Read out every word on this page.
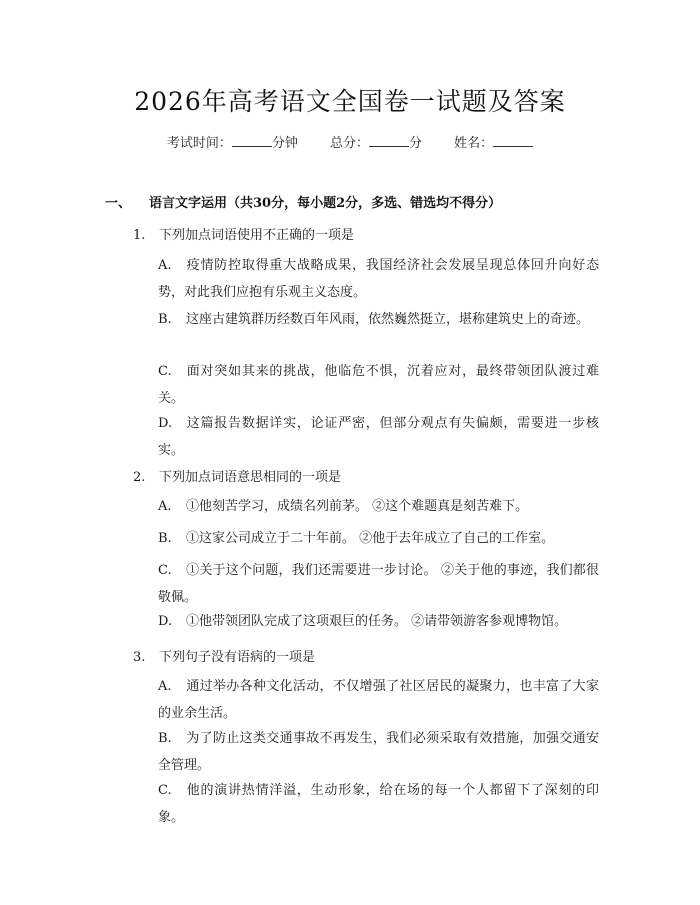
2026年高考语文全国卷一试题及答案
考试时间：	分钟 总分：	分 姓名：
一、 语言文字运用（共30分，每小题2分，多选、错选均不得分）
1. 下列加点词语使用不正确的一项是
A. 疫情防控取得重大战略成果，我国经济社会发展呈现总体回升向好态势，对此我们应抱有乐观主义态度。
B. 这座古建筑群历经数百年风雨，依然巍然挺立，堪称建筑史上的奇迹。
C. 面对突如其来的挑战，他临危不惧，沉着应对，最终带领团队渡过难关。
D. 这篇报告数据详实，论证严密，但部分观点有失偏颇，需要进一步核实。
2. 下列加点词语意思相同的一项是
A. ①他刻苦学习，成绩名列前茅。 ②这个难题真是刻苦难下。
B. ①这家公司成立于二十年前。 ②他于去年成立了自己的工作室。
C. ①关于这个问题，我们还需要进一步讨论。 ②关于他的事迹，我们都很敬佩。
D. ①他带领团队完成了这项艰巨的任务。 ②请带领游客参观博物馆。
3. 下列句子没有语病的一项是
A. 通过举办各种文化活动，不仅增强了社区居民的凝聚力，也丰富了大家的业余生活。
B. 为了防止这类交通事故不再发生，我们必须采取有效措施，加强交通安全管理。
C. 他的演讲热情洋溢，生动形象，给在场的每一个人都留下了深刻的印象。
